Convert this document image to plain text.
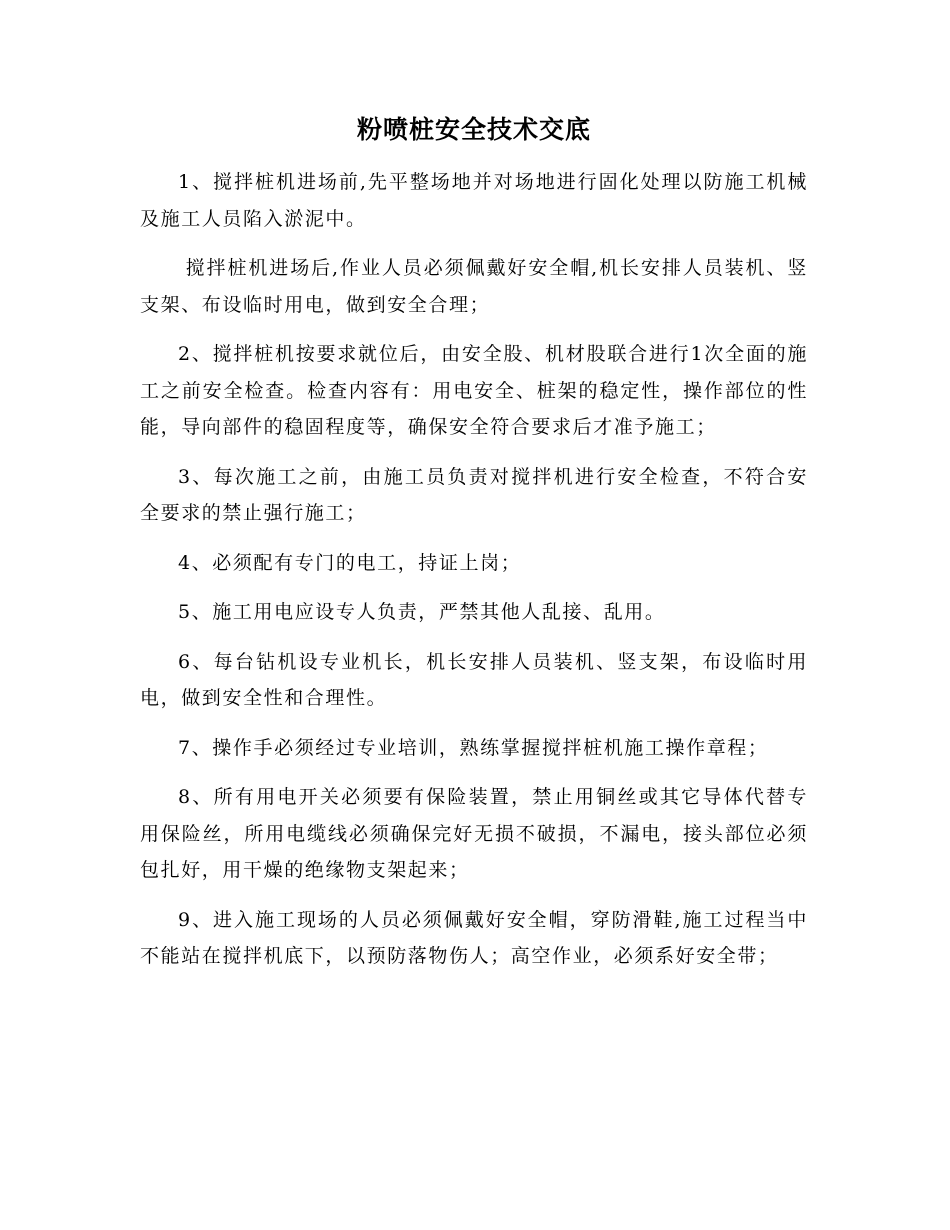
粉喷桩安全技术交底

1、搅拌桩机进场前,先平整场地并对场地进行固化处理以防施工机械及施工人员陷入淤泥中。

搅拌桩机进场后,作业人员必须佩戴好安全帽,机长安排人员装机、竖支架、布设临时用电，做到安全合理；

2、搅拌桩机按要求就位后，由安全股、机材股联合进行1次全面的施工之前安全检查。检查内容有：用电安全、桩架的稳定性，操作部位的性能，导向部件的稳固程度等，确保安全符合要求后才准予施工；

3、每次施工之前，由施工员负责对搅拌机进行安全检查，不符合安全要求的禁止强行施工；

4、必须配有专门的电工，持证上岗；

5、施工用电应设专人负责，严禁其他人乱接、乱用。

6、每台钻机设专业机长，机长安排人员装机、竖支架，布设临时用电，做到安全性和合理性。

7、操作手必须经过专业培训，熟练掌握搅拌桩机施工操作章程；

8、所有用电开关必须要有保险装置，禁止用铜丝或其它导体代替专用保险丝，所用电缆线必须确保完好无损不破损，不漏电，接头部位必须包扎好，用干燥的绝缘物支架起来；

9、进入施工现场的人员必须佩戴好安全帽，穿防滑鞋,施工过程当中不能站在搅拌机底下，以预防落物伤人；高空作业，必须系好安全带；
